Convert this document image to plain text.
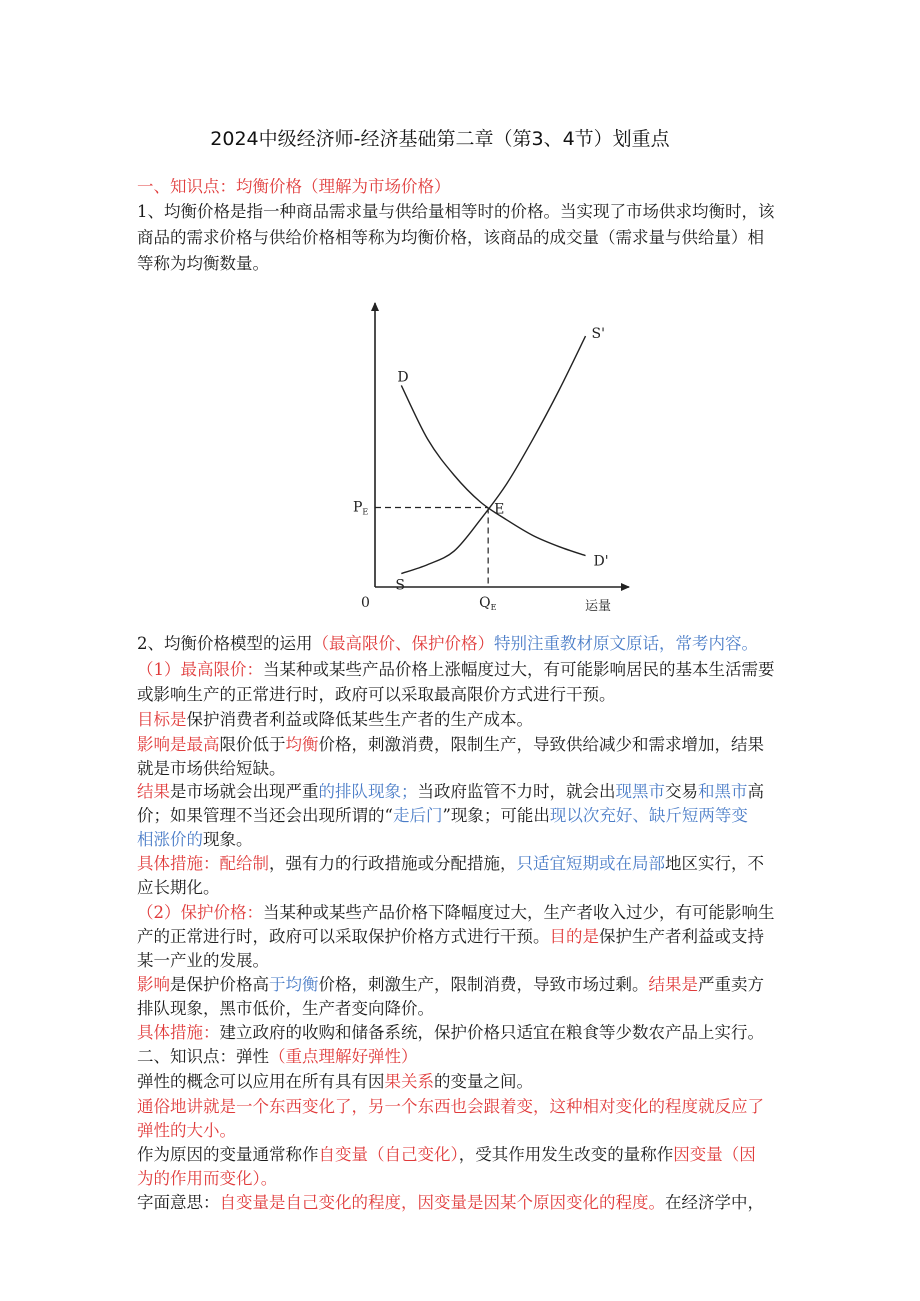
2024中级经济师-经济基础第二章（第3、4节）划重点
一、知识点：均衡价格（理解为市场价格）
1、均衡价格是指一种商品需求量与供给量相等时的价格。当实现了市场供求均衡时，该
商品的需求价格与供给价格相等称为均衡价格，该商品的成交量（需求量与供给量）相
等称为均衡数量。
D
D'
S
S'
E
$P_E$
$Q_E$
0	运量
2、均衡价格模型的运用（最高限价、保护价格）特别注重教材原文原话，常考内容。
（1）最高限价：当某种或某些产品价格上涨幅度过大，有可能影响居民的基本生活需要
或影响生产的正常进行时，政府可以采取最高限价方式进行干预。
目标是保护消费者利益或降低某些生产者的生产成本。
影响是最高限价低于均衡价格，刺激消费，限制生产，导致供给减少和需求增加，结果
就是市场供给短缺。
结果是市场就会出现严重的排队现象；当政府监管不力时，就会出现黑市交易和黑市高
价；如果管理不当还会出现所谓的“走后门”现象；可能出现以次充好、缺斤短两等变
相涨价的现象。
具体措施：配给制，强有力的行政措施或分配措施，只适宜短期或在局部地区实行，不
应长期化。
（2）保护价格：当某种或某些产品价格下降幅度过大，生产者收入过少，有可能影响生
产的正常进行时，政府可以采取保护价格方式进行干预。目的是保护生产者利益或支持
某一产业的发展。
影响是保护价格高于均衡价格，刺激生产，限制消费，导致市场过剩。结果是严重卖方
排队现象，黑市低价，生产者变向降价。
具体措施：建立政府的收购和储备系统，保护价格只适宜在粮食等少数农产品上实行。
二、知识点：弹性（重点理解好弹性）
弹性的概念可以应用在所有具有因果关系的变量之间。
通俗地讲就是一个东西变化了，另一个东西也会跟着变，这种相对变化的程度就反应了
弹性的大小。
作为原因的变量通常称作自变量（自己变化），受其作用发生改变的量称作因变量（因
为的作用而变化）。
字面意思：自变量是自己变化的程度，因变量是因某个原因变化的程度。在经济学中，
